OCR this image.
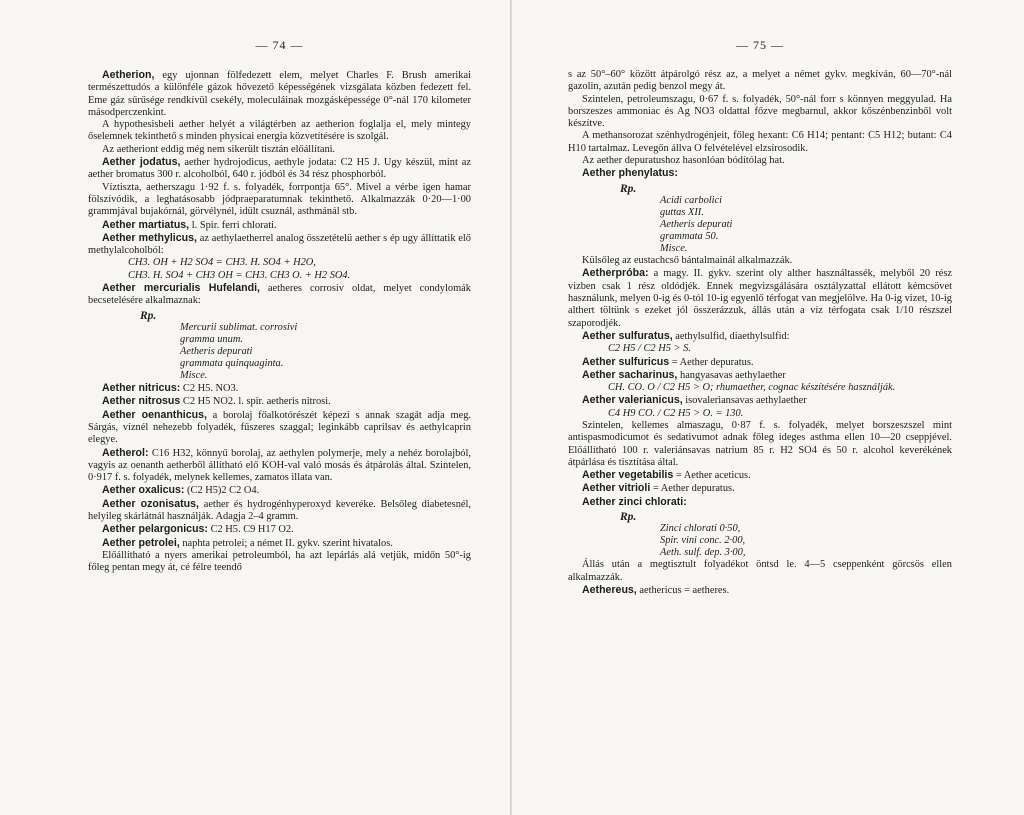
— 74 —

Aetherion, egy ujonnan fölfedezett elem, melyet Charles F. Brush amerikai természettudós a különféle gázok hővezető képességének vizsgálata közben fedezett fel. Eme gáz sűrűsége rendkívül csekély, moleculáinak mozgásképessége 0°-nál 170 kilometer másodperczenkint.

A hypothesisbeli aether helyét a világtérben az aetherion foglalja el, mely mintegy őselemnek tekinthető s minden physicai energia közvetítésére is szolgál.

Az aetheriont eddig még nem sikerült tisztán előállítani.

Aether jodatus, aether hydrojodicus, aethyle jodata: C2 H5 J. Ugy készül, mint az aether bromatus 300 r. alcoholból, 640 r. jódból és 34 rész phosphorból.

Víztiszta, aetherszagu 1·92 f. s. folyadék, forrpontja 65°. Mivel a vérbe igen hamar fölszívódik, a leghatásosabb jódpraeparatumnak tekinthető. Alkalmazzák 0·20—1·00 grammjával bujakórnál, görvélynél, idült csuznál, asthmánál stb.

Aether martiatus, l. Spir. ferri chlorati.

Aether methylicus, az aethylaetherrel analog összetételü aether s ép ugy állíttatik elő methylalcoholból:

CH3. OH + H2 SO4 = CH3. H. SO4 + H2O,

CH3. H. SO4 + CH3 OH = CH3. CH3 O. + H2 SO4.

Aether mercurialis Hufelandi, aetheres corrosiv oldat, melyet condylomák becsetelésére alkalmaznak:

Rp.

Mercurii sublimat. corrosivi

gramma unum.

Aetheris depurati

grammata quinquaginta.

Misce.

Aether nitricus: C2 H5. NO3.

Aether nitrosus C2 H5 NO2. l. spir. aetheris nitrosi.

Aether oenanthicus, a borolaj főalkotórészét képezi s annak szagát adja meg. Sárgás, víznél nehezebb folyadék, fűszeres szaggal; leginkább caprilsav és aethylcaprin elegye.

Aetherol: C16 H32, könnyű borolaj, az aethylen polymerje, mely a nehéz borolajból, vagyis az oenanth aetherből állítható elő KOH-val való mosás és átpárolás által. Szintelen, 0·917 f. s. folyadék, melynek kellemes, zamatos illata van.

Aether oxalicus: (C2 H5)2 C2 O4.

Aether ozonisatus, aether és hydrogénhyperoxyd keveréke. Belsőleg diabetesnél, helyileg skárlátnál használják. Adagja 2–4 gramm.

Aether pelargonicus: C2 H5. C9 H17 O2.

Aether petrolei, naphta petrolei; a német II. gykv. szerint hivatalos.

Előállítható a nyers amerikai petroleumból, ha azt lepárlás alá vetjük, midőn 50°-ig főleg pentan megy át, cé félre teendő

— 75 —

s az 50°–60° között átpárolgó rész az, a melyet a német gykv. megkíván, 60—70°-nál gazolin, azután pedig benzol megy át.

Szintelen, petroleumszagu, 0·67 f. s. folyadék, 50°-nál forr s könnyen meggyulad. Ha borszeszes ammoniac és Ag NO3 oldattal főzve megbarnul, akkor kőszénbenzinből volt készítve.

A methansorozat szénhydrogénjeit, főleg hexant: C6 H14; pentant: C5 H12; butant: C4 H10 tartalmaz. Levegőn állva O felvételével elzsírosodik.

Az aether depuratushoz hasonlóan bódítólag hat.

Aether phenylatus:

Rp.

Acidi carbolici

guttas XII.

Aetheris depurati

grammata 50.

Misce.

Külsőleg az eustachcső bántalmainál alkalmazzák.

Aetherpróba: a magy. II. gykv. szerint oly alther használtassék, melyből 20 rész vizben csak 1 rész oldódjék. Ennek megvizsgálására osztályzattal ellátott kémcsövet használunk, melyen 0-ig és 0-tól 10-ig egyenlő térfogat van megjelölve. Ha 0-ig vizet, 10-ig althert töltünk s ezeket jól összerázzuk, állás után a víz térfogata csak 1/10 részszel szaporodjék.

Aether sulfuratus, aethylsulfid, diaethylsulfid:

C2 H5 / C2 H5 > S.

Aether sulfuricus = Aether depuratus.

Aether sacharinus, hangyasavas aethylaether

CH. CO. O / C2 H5 > O; rhumaether, cognac készítésére használják.

Aether valerianicus, isovaleriansavas aethylaether

C4 H9 CO. / C2 H5 > O. = 130.

Szintelen, kellemes almaszagu, 0·87 f. s. folyadék, melyet borszeszszel mint antispasmodicumot és sedativumot adnak főleg ideges asthma ellen 10—20 cseppjével. Előállítható 100 r. valeriánsavas natrium 85 r. H2 SO4 és 50 r. alcohol keverékének átpárlása és tisztítása által.

Aether vegetabilis = Aether aceticus.

Aether vitrioli = Aether depuratus.

Aether zinci chlorati:

Rp.

Zinci chlorati 0·50,

Spir. vini conc. 2·00,

Aeth. sulf. dep. 3·00,

Állás után a megtisztult folyadékot öntsd le. 4—5 cseppenként görcsös ellen alkalmazzák.

Aethereus, aethericus = aetheres.
